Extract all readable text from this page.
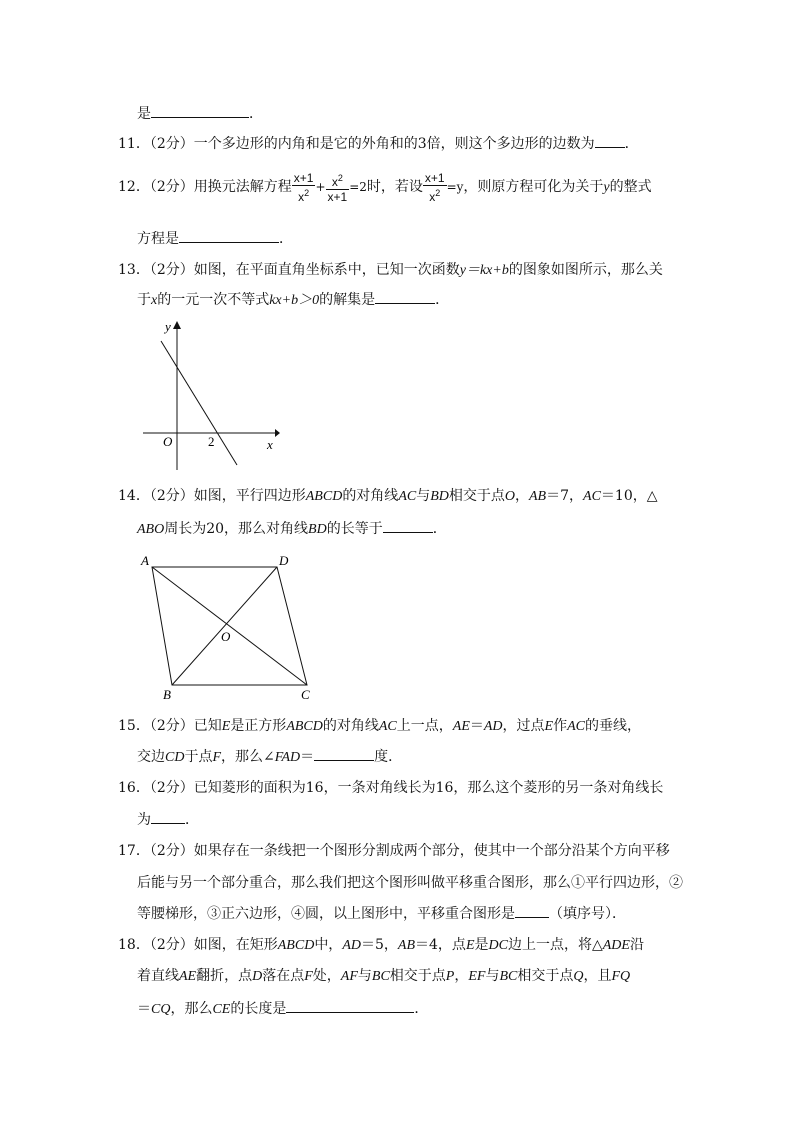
是	．
11．（2分）一个多边形的内角和是它的外角和的3倍，则这个多边形的边数为 ．
12．（2分）用换元法解方程 $\frac{x+1}{x^2} + \frac{x^2}{x+1} =2$时，若设 $\frac{x+1}{x^2} =y$，则原方程可化为关于y的整式
方程是	．
13．（2分）如图，在平面直角坐标系中，已知一次函数y＝kx+b的图象如图所示，那么关
于x的一元一次不等式kx+b＞0的解集是	．
y
x
O	2
14．（2分）如图，平行四边形ABCD的对角线AC与BD相交于点O，AB＝7，AC＝10，△
ABO周长为20，那么对角线BD的长等于	．
A	D
B	C
O
15．（2分）已知E是正方形ABCD的对角线AC上一点，AE＝AD，过点E作AC的垂线，
交边CD于点F，那么∠FAD＝	度．
16．（2分）已知菱形的面积为16，一条对角线长为16，那么这个菱形的另一条对角线长
为 ．
17．（2分）如果存在一条线把一个图形分割成两个部分，使其中一个部分沿某个方向平移
后能与另一个部分重合，那么我们把这个图形叫做平移重合图形，那么①平行四边形，②
等腰梯形，③正六边形，④圆，以上图形中，平移重合图形是 （填序号）．
18．（2分）如图，在矩形ABCD中，AD＝5，AB＝4，点E是DC边上一点，将△ADE沿
着直线AE翻折，点D落在点F处，AF与BC相交于点P，EF与BC相交于点Q，且FQ
＝CQ，那么CE的长度是	．
